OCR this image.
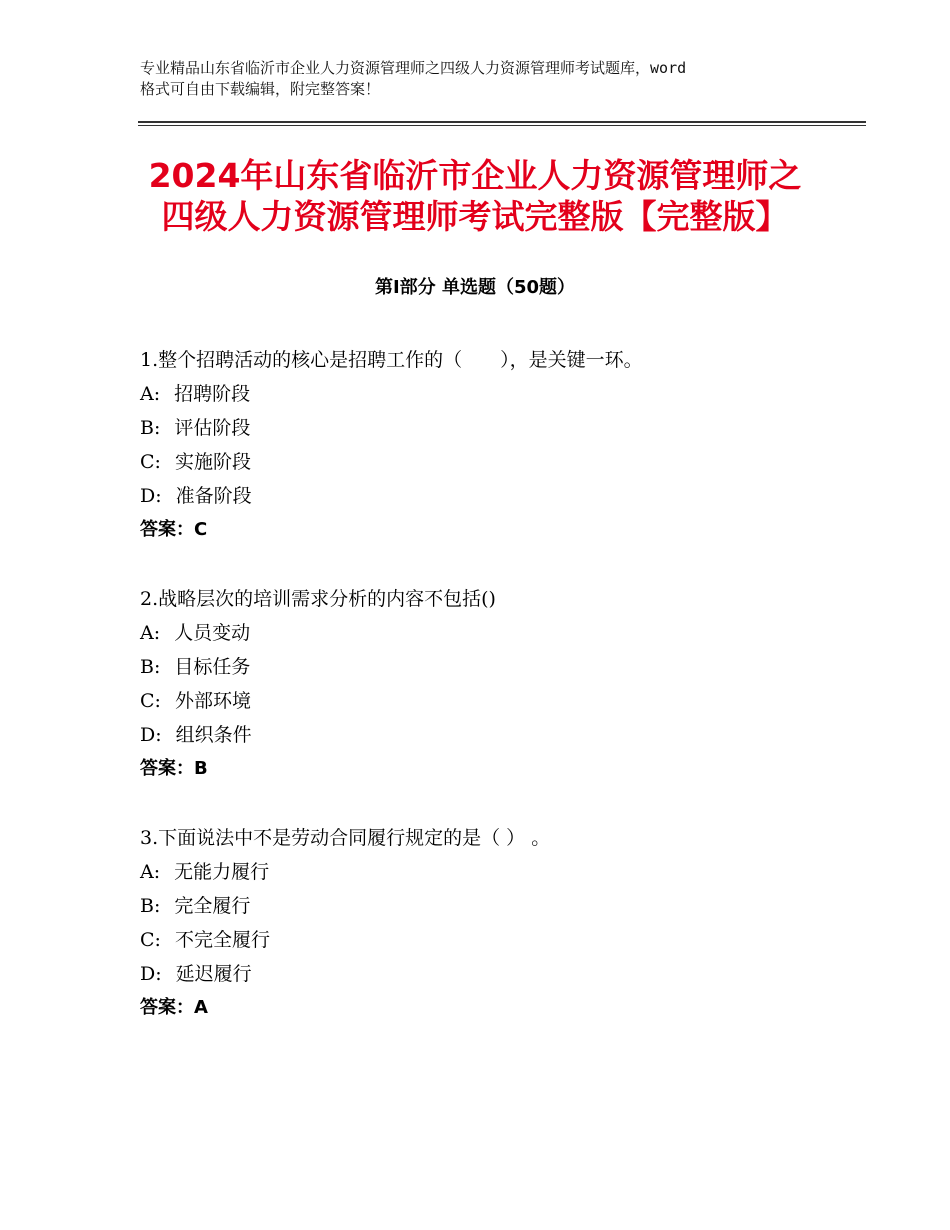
专业精品山东省临沂市企业人力资源管理师之四级人力资源管理师考试题库，word
格式可自由下载编辑，附完整答案！
2024年山东省临沂市企业人力资源管理师之
四级人力资源管理师考试完整版【完整版】
第Ⅰ部分 单选题（50题）
1.整个招聘活动的核心是招聘工作的（　　），是关键一环。
A: 招聘阶段
B: 评估阶段
C: 实施阶段
D: 准备阶段
答案：C
2.战略层次的培训需求分析的内容不包括()
A: 人员变动
B: 目标任务
C: 外部环境
D: 组织条件
答案：B
3.下面说法中不是劳动合同履行规定的是（ ） 。
A: 无能力履行
B: 完全履行
C: 不完全履行
D: 延迟履行
答案：A
